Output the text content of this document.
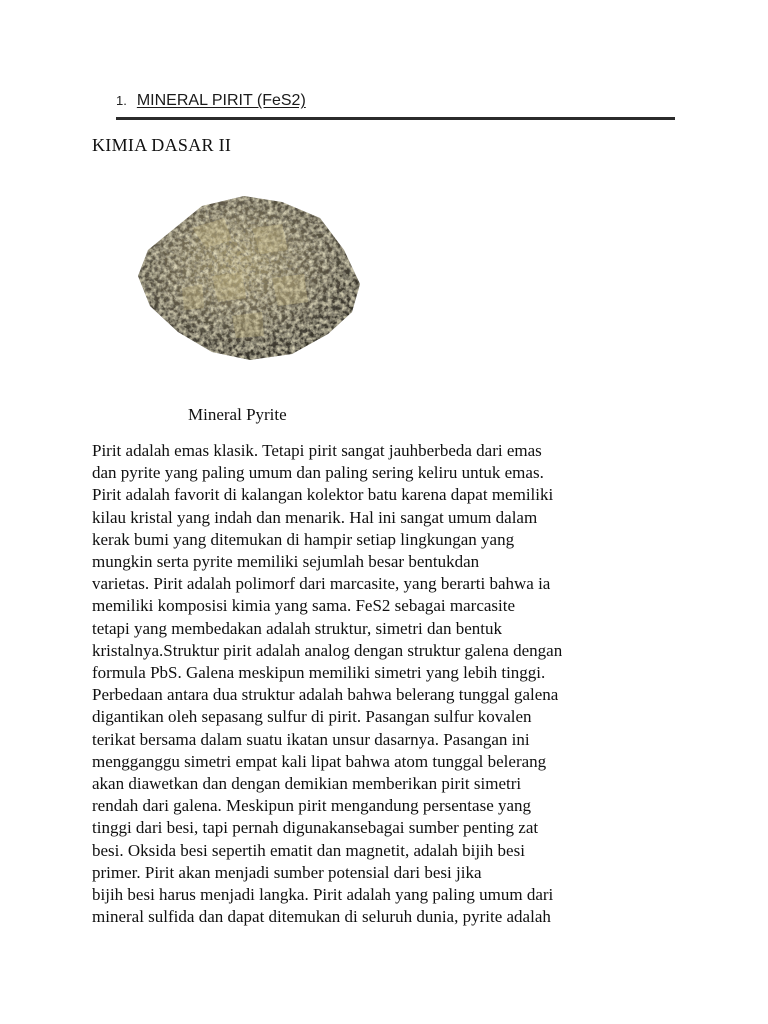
1. MINERAL PIRIT (FeS2)
KIMIA DASAR II
Mineral Pyrite

Pirit adalah emas klasik. Tetapi pirit sangat jauhberbeda dari emas
dan pyrite yang paling umum dan paling sering keliru untuk emas.
Pirit adalah favorit di kalangan kolektor batu karena dapat memiliki
kilau kristal yang indah dan menarik. Hal ini sangat umum dalam
kerak bumi yang ditemukan di hampir setiap lingkungan yang
mungkin serta pyrite memiliki sejumlah besar bentukdan
varietas. Pirit adalah polimorf dari marcasite, yang berarti bahwa ia
memiliki komposisi kimia yang sama. FeS2 sebagai marcasite
tetapi yang membedakan adalah struktur, simetri dan bentuk
kristalnya.Struktur pirit adalah analog dengan struktur galena dengan
formula PbS. Galena meskipun memiliki simetri yang lebih tinggi.
Perbedaan antara dua struktur adalah bahwa belerang tunggal galena
digantikan oleh sepasang sulfur di pirit. Pasangan sulfur kovalen
terikat bersama dalam suatu ikatan unsur dasarnya. Pasangan ini
mengganggu simetri empat kali lipat bahwa atom tunggal belerang
akan diawetkan dan dengan demikian memberikan pirit simetri
rendah dari galena. Meskipun pirit mengandung persentase yang
tinggi dari besi, tapi pernah digunakansebagai sumber penting zat
besi. Oksida besi sepertih ematit dan magnetit, adalah bijih besi
primer. Pirit akan menjadi sumber potensial dari besi jika
bijih besi harus menjadi langka. Pirit adalah yang paling umum dari
mineral sulfida dan dapat ditemukan di seluruh dunia, pyrite adalah
